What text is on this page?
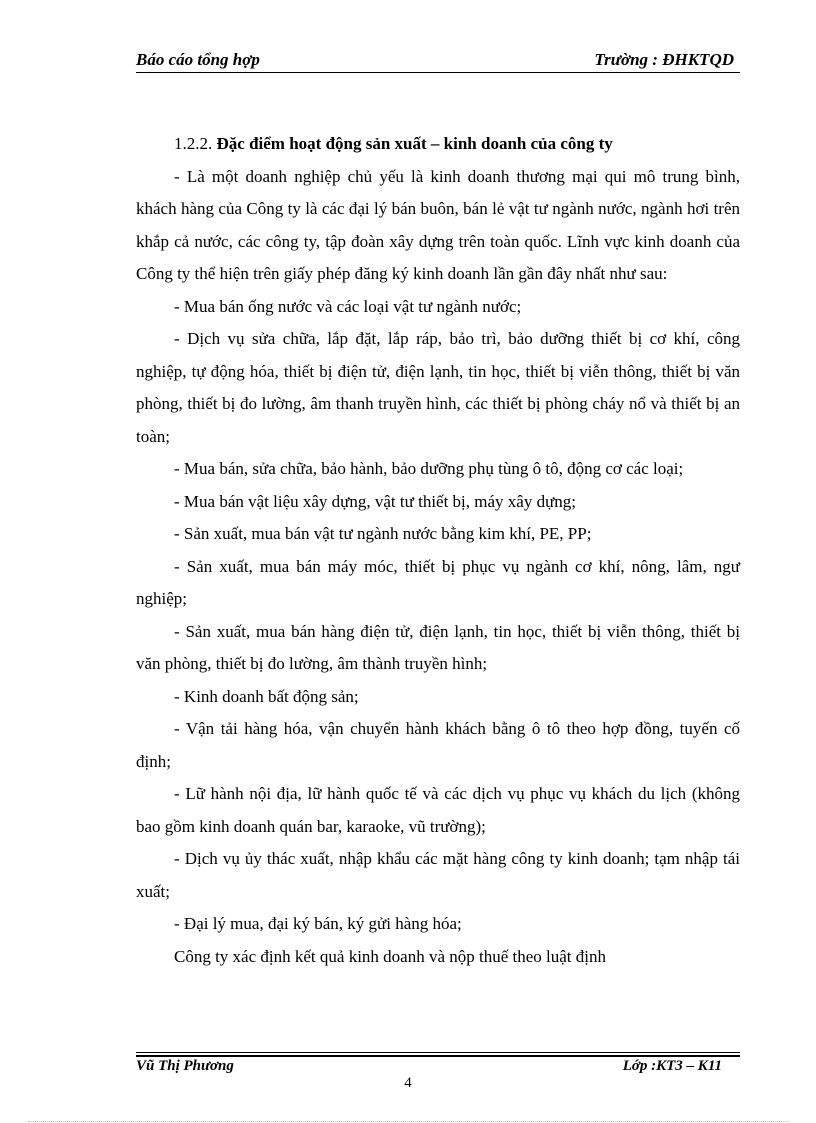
Báo cáo tổng hợp	Trường : ĐHKTQD

1.2.2. Đặc điểm hoạt động sản xuất – kinh doanh của công ty

- Là một doanh nghiệp chủ yếu là kinh doanh thương mại qui mô trung bình, khách hàng của Công ty là các đại lý bán buôn, bán lẻ vật tư ngành nước, ngành hơi trên khắp cả nước, các công ty, tập đoàn xây dựng trên toàn quốc. Lĩnh vực kinh doanh của Công ty thể hiện trên giấy phép đăng ký kinh doanh lần gần đây nhất như sau:

- Mua bán ống nước và các loại vật tư ngành nước;

- Dịch vụ sửa chữa, lắp đặt, lắp ráp, bảo trì, bảo dưỡng thiết bị cơ khí, công nghiệp, tự động hóa, thiết bị điện tử, điện lạnh, tin học, thiết bị viễn thông, thiết bị văn phòng, thiết bị đo lường, âm thanh truyền hình, các thiết bị phòng cháy nổ và thiết bị an toàn;

- Mua bán, sửa chữa, bảo hành, bảo dưỡng phụ tùng ô tô, động cơ các loại;

- Mua bán vật liệu xây dựng, vật tư thiết bị, máy xây dựng;

- Sản xuất, mua bán vật tư ngành nước bằng kim khí, PE, PP;

- Sản xuất, mua bán máy móc, thiết bị phục vụ ngành cơ khí, nông, lâm, ngư nghiệp;

- Sản xuất, mua bán hàng điện tử, điện lạnh, tin học, thiết bị viễn thông, thiết bị văn phòng, thiết bị đo lường, âm thành truyền hình;

- Kinh doanh bất động sản;

- Vận tải hàng hóa, vận chuyển hành khách bằng ô tô theo hợp đồng, tuyến cố định;

- Lữ hành nội địa, lữ hành quốc tế và các dịch vụ phục vụ khách du lịch (không bao gồm kinh doanh quán bar, karaoke, vũ trường);

- Dịch vụ ủy thác xuất, nhập khẩu các mặt hàng công ty kinh doanh; tạm nhập tái xuất;

- Đại lý mua, đại ký bán, ký gửi hàng hóa;

Công ty xác định kết quả kinh doanh và nộp thuế theo luật định

Vũ Thị Phương	Lớp :KT3 – K11
4
